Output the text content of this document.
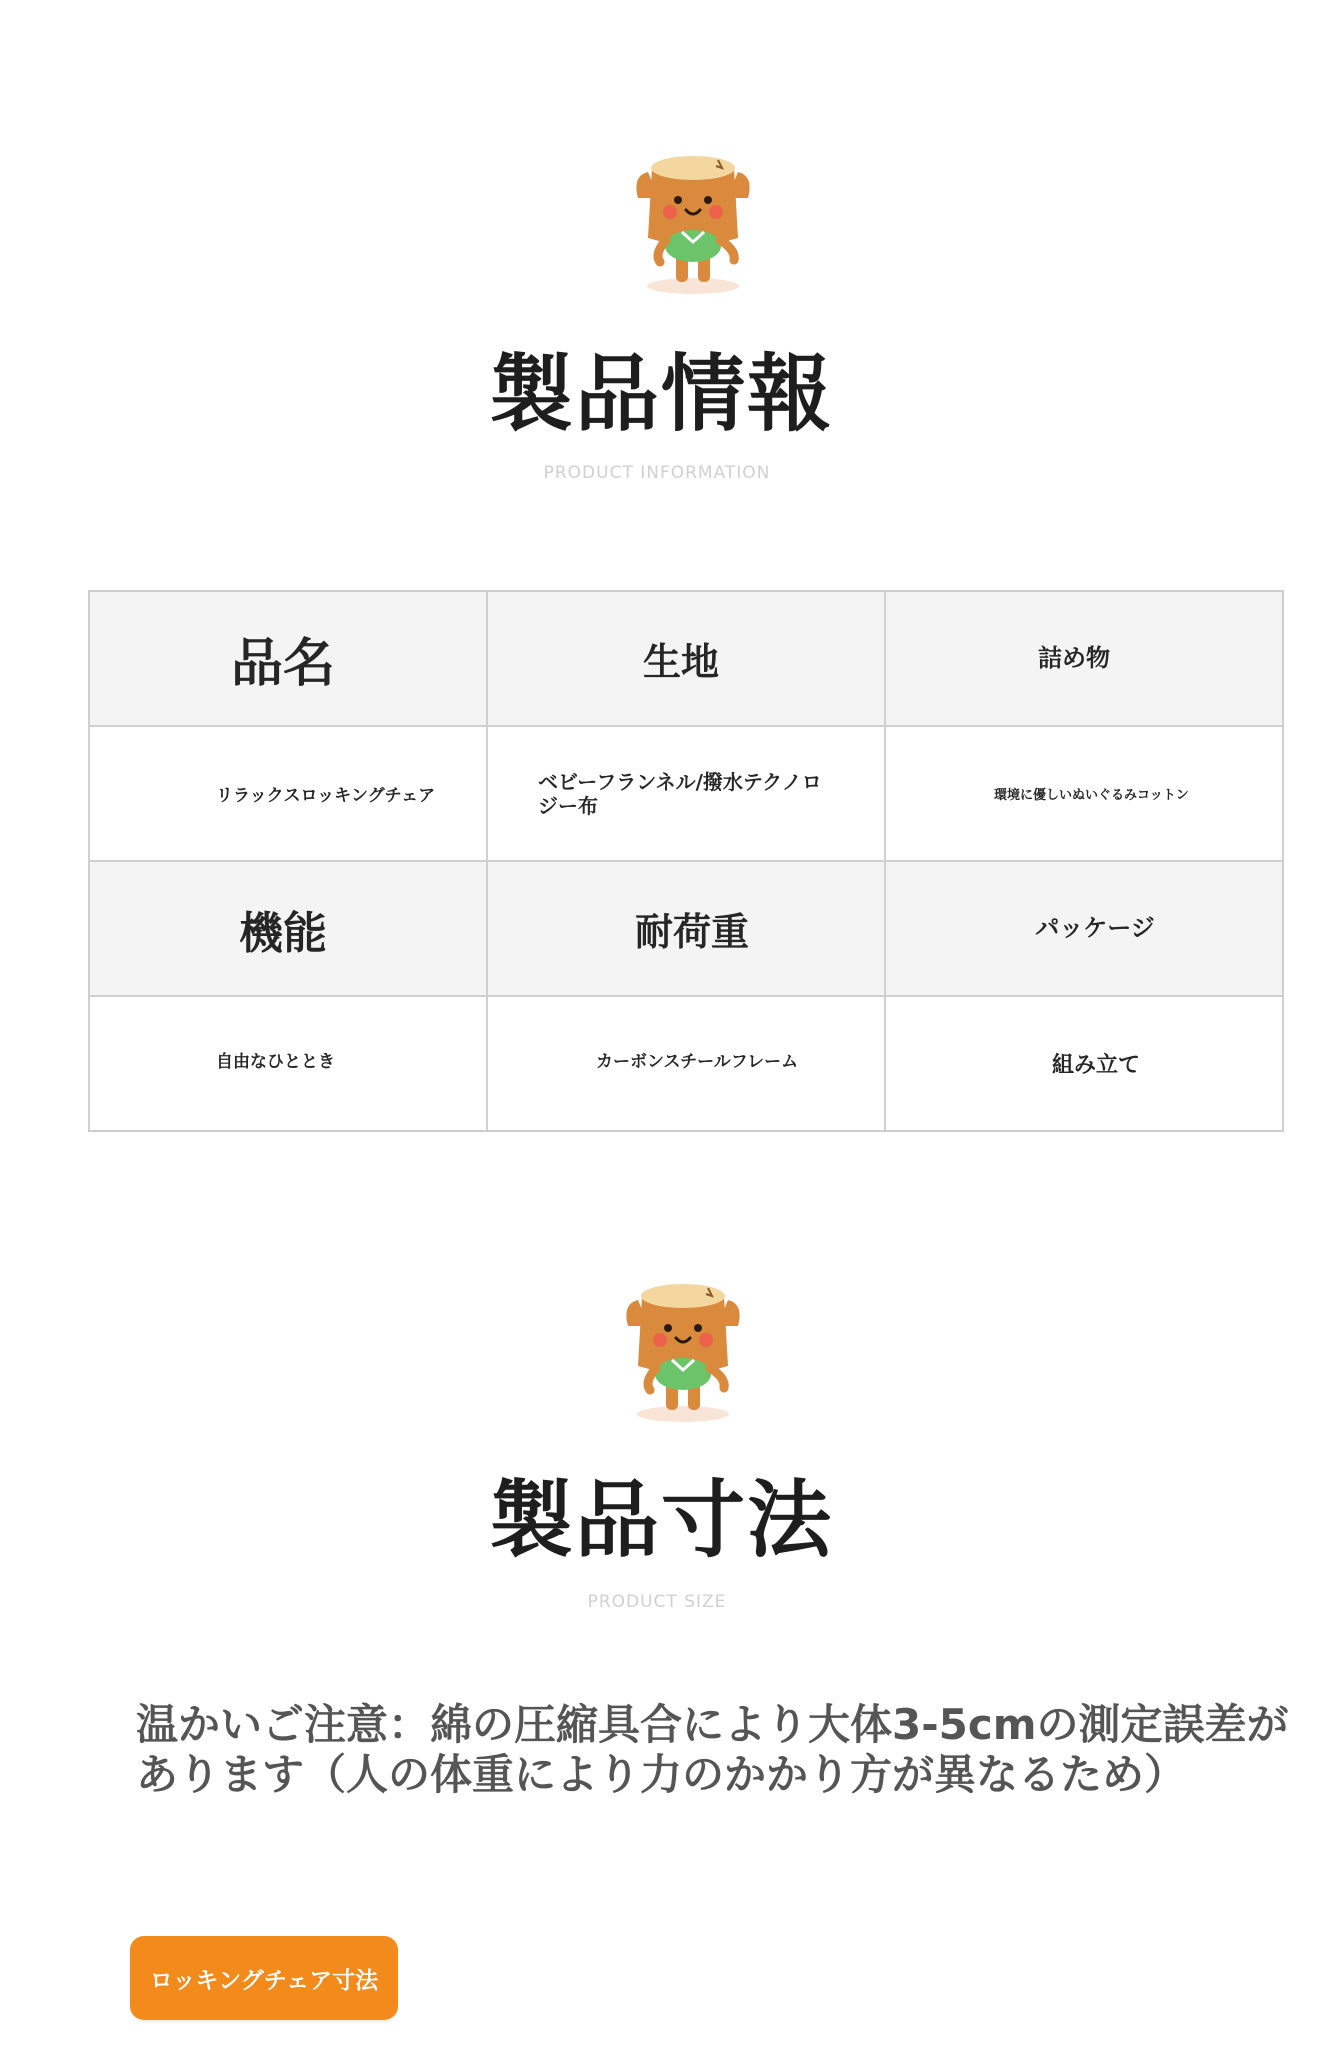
製品情報
PRODUCT INFORMATION
品名	生地	詰め物

リラックスロッキングチェア	ベビーフランネル/撥水テクノロジー布	環境に優しいぬいぐるみコットン

機能	耐荷重	パッケージ

自由なひととき	カーボンスチールフレーム	組み立て
製品寸法
PRODUCT SIZE
温かいご注意：綿の圧縮具合により大体3-5cmの測定誤差があります（人の体重により力のかかり方が異なるため）
ロッキングチェア寸法
